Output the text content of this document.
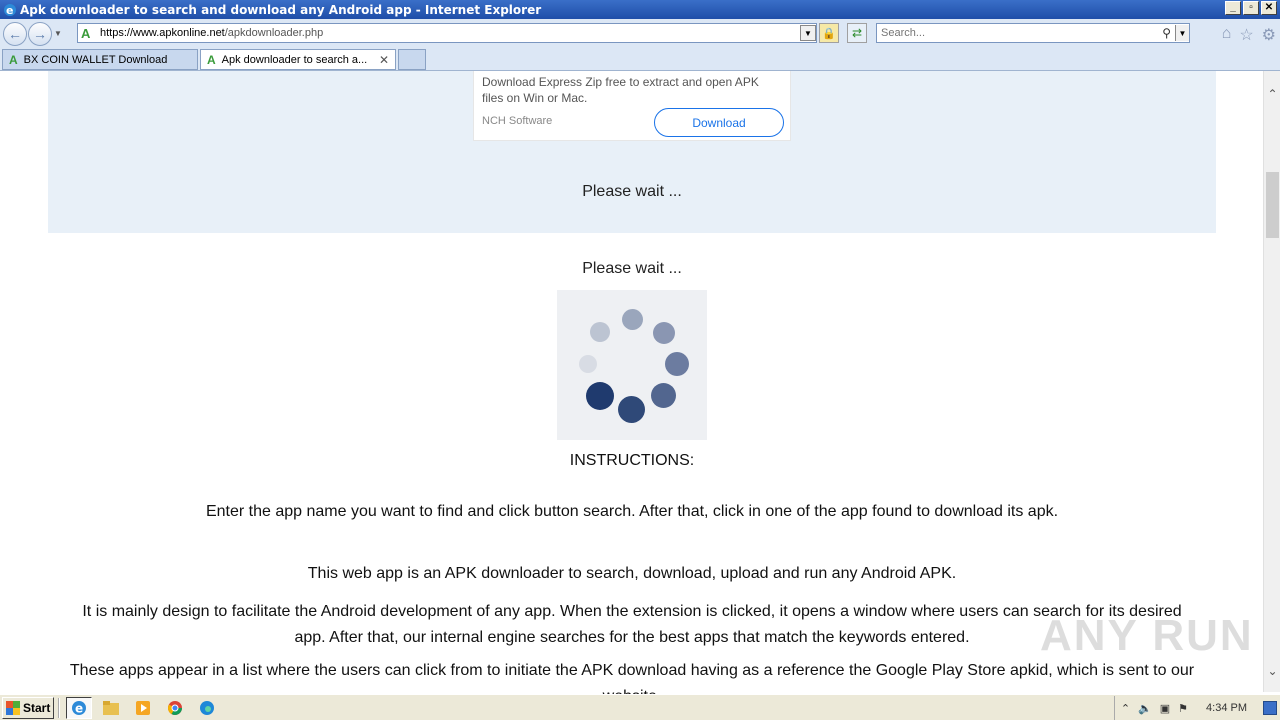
e Apk downloader to search and download any Android app - Internet Explorer	_	▫	✕
← → ▼ A https://www.apkonline.net /apkdownloader.php	▼ 🔒	⇄
Search...	⚲ ▼ ⌂ ☆ ⚙
A BX COIN WALLET Download	A Apk downloader to search a... ✕
Download Express Zip free to extract and open APK files on Win or Mac.
NCH Software	Download
Please wait ...
Please wait ...
INSTRUCTIONS:
Enter the app name you want to find and click button search. After that, click in one of the app found to download its apk.
This web app is an APK downloader to search, download, upload and run any Android APK.
It is mainly design to facilitate the Android development of any app. When the extension is clicked, it opens a window where users can search for its desired app. After that, our internal engine searches for the best apps that match the keywords entered.
These apps appear in a list where the users can click from to initiate the APK download having as a reference the Google Play Store apkid, which is sent to our
ANY RUN
⌃
⌄
Start e	⌃ 🔈 ▣ ⚑ 4:34 PM
